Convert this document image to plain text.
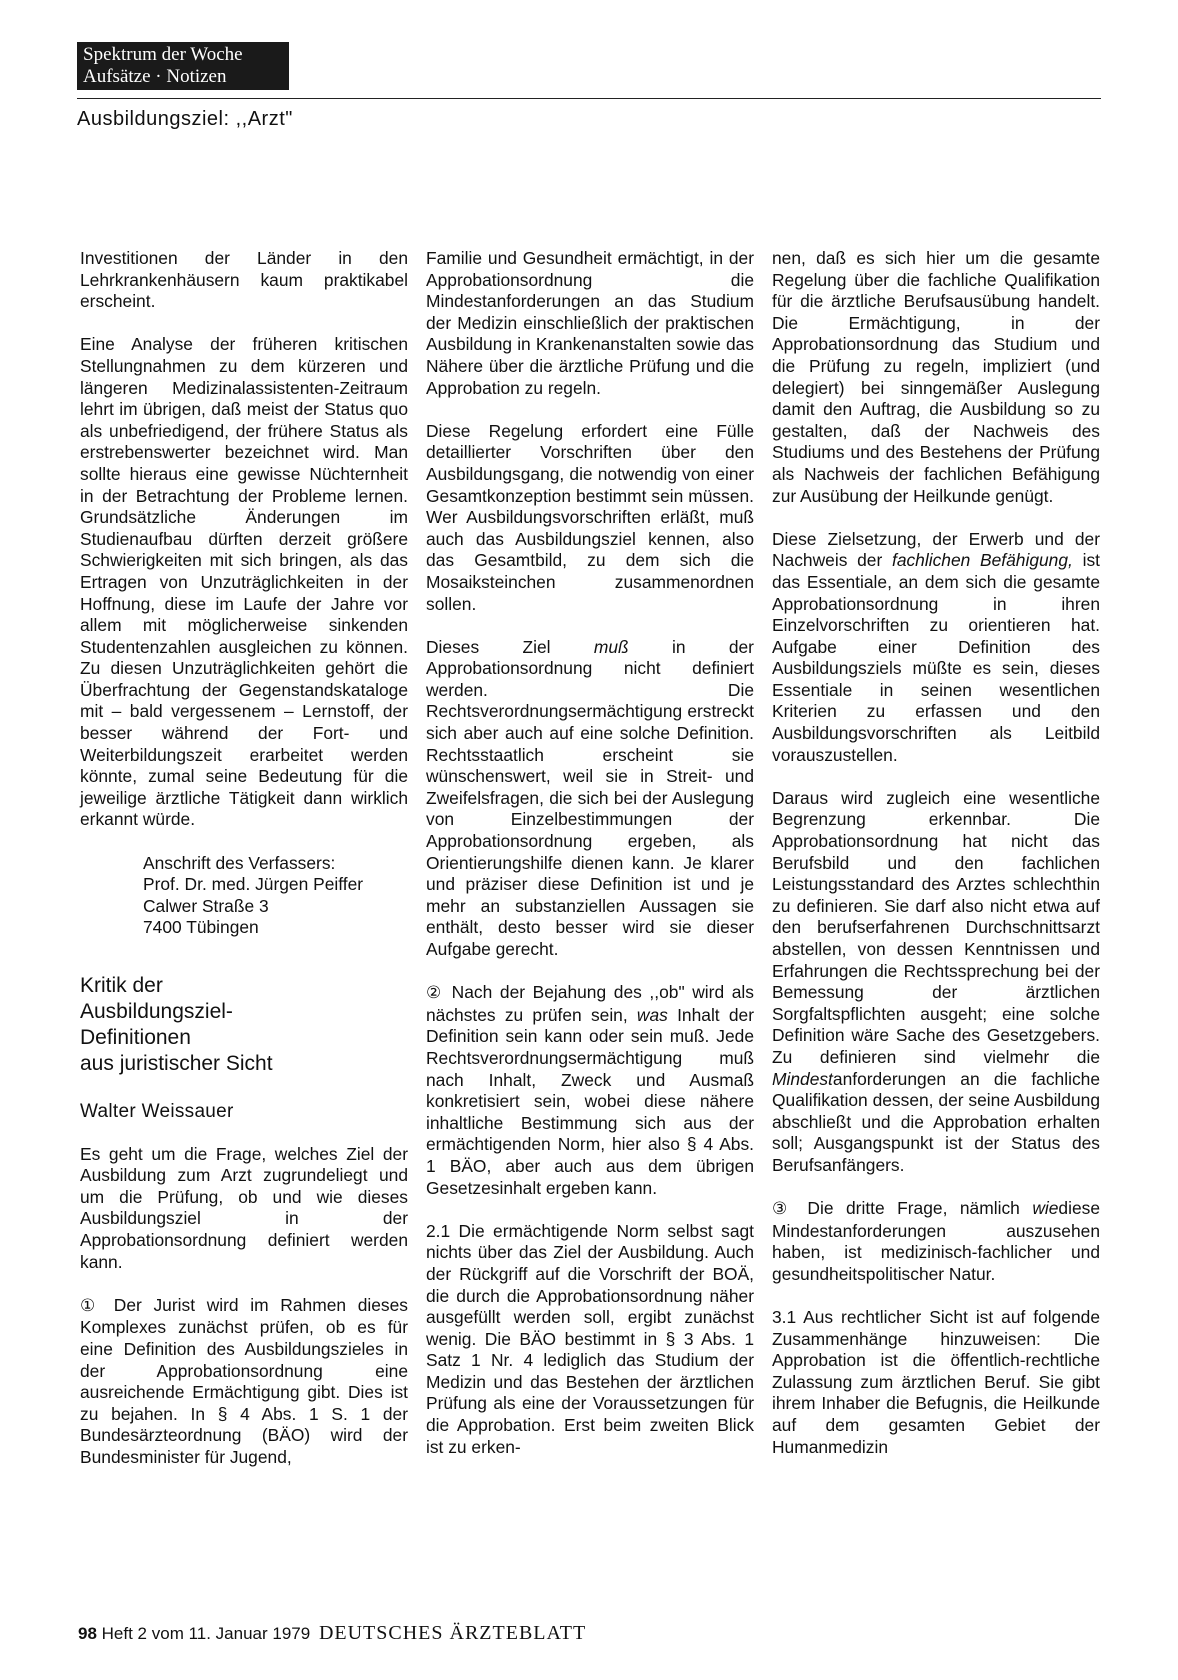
Spektrum der Woche
Aufsätze · Notizen
Ausbildungsziel: ,,Arzt"

Investitionen der Länder in den Lehrkrankenhäusern kaum praktikabel erscheint.

Eine Analyse der früheren kritischen Stellungnahmen zu dem kürzeren und längeren Medizinalassistenten-Zeitraum lehrt im übrigen, daß meist der Status quo als unbefriedigend, der frühere Status als erstrebenswerter bezeichnet wird. Man sollte hieraus eine gewisse Nüchternheit in der Betrachtung der Probleme lernen. Grundsätzliche Änderungen im Studienaufbau dürften derzeit größere Schwierigkeiten mit sich bringen, als das Ertragen von Unzuträglichkeiten in der Hoffnung, diese im Laufe der Jahre vor allem mit möglicherweise sinkenden Studentenzahlen ausgleichen zu können. Zu diesen Unzuträglichkeiten gehört die Überfrachtung der Gegenstandskataloge mit – bald vergessenem – Lernstoff, der besser während der Fort- und Weiterbildungszeit erarbeitet werden könnte, zumal seine Bedeutung für die jeweilige ärztliche Tätigkeit dann wirklich erkannt würde.

Anschrift des Verfassers:
Prof. Dr. med. Jürgen Peiffer
Calwer Straße 3
7400 Tübingen

Kritik der
Ausbildungsziel-
Definitionen
aus juristischer Sicht

Walter Weissauer

Es geht um die Frage, welches Ziel der Ausbildung zum Arzt zugrundeliegt und um die Prüfung, ob und wie dieses Ausbildungsziel in der Approbationsordnung definiert werden kann.

① Der Jurist wird im Rahmen dieses Komplexes zunächst prüfen, ob es für eine Definition des Ausbildungszieles in der Approbationsordnung eine ausreichende Ermächtigung gibt. Dies ist zu bejahen. In § 4 Abs. 1 S. 1 der Bundesärzteordnung (BÄO) wird der Bundesminister für Jugend,

Familie und Gesundheit ermächtigt, in der Approbationsordnung die Mindestanforderungen an das Studium der Medizin einschließlich der praktischen Ausbildung in Krankenanstalten sowie das Nähere über die ärztliche Prüfung und die Approbation zu regeln.

Diese Regelung erfordert eine Fülle detaillierter Vorschriften über den Ausbildungsgang, die notwendig von einer Gesamtkonzeption bestimmt sein müssen. Wer Ausbildungsvorschriften erläßt, muß auch das Ausbildungsziel kennen, also das Gesamtbild, zu dem sich die Mosaiksteinchen zusammenordnen sollen.

Dieses Ziel muß in der Approbationsordnung nicht definiert werden. Die Rechtsverordnungsermächtigung erstreckt sich aber auch auf eine solche Definition. Rechtsstaatlich erscheint sie wünschenswert, weil sie in Streit- und Zweifelsfragen, die sich bei der Auslegung von Einzelbestimmungen der Approbationsordnung ergeben, als Orientierungshilfe dienen kann. Je klarer und präziser diese Definition ist und je mehr an substanziellen Aussagen sie enthält, desto besser wird sie dieser Aufgabe gerecht.

② Nach der Bejahung des ,,ob" wird als nächstes zu prüfen sein, was Inhalt der Definition sein kann oder sein muß. Jede Rechtsverordnungsermächtigung muß nach Inhalt, Zweck und Ausmaß konkretisiert sein, wobei diese nähere inhaltliche Bestimmung sich aus der ermächtigenden Norm, hier also § 4 Abs. 1 BÄO, aber auch aus dem übrigen Gesetzesinhalt ergeben kann.

2.1 Die ermächtigende Norm selbst sagt nichts über das Ziel der Ausbildung. Auch der Rückgriff auf die Vorschrift der BOÄ, die durch die Approbationsordnung näher ausgefüllt werden soll, ergibt zunächst wenig. Die BÄO bestimmt in § 3 Abs. 1 Satz 1 Nr. 4 lediglich das Studium der Medizin und das Bestehen der ärztlichen Prüfung als eine der Voraussetzungen für die Approbation. Erst beim zweiten Blick ist zu erken-

nen, daß es sich hier um die gesamte Regelung über die fachliche Qualifikation für die ärztliche Berufsausübung handelt. Die Ermächtigung, in der Approbationsordnung das Studium und die Prüfung zu regeln, impliziert (und delegiert) bei sinngemäßer Auslegung damit den Auftrag, die Ausbildung so zu gestalten, daß der Nachweis des Studiums und des Bestehens der Prüfung als Nachweis der fachlichen Befähigung zur Ausübung der Heilkunde genügt.

Diese Zielsetzung, der Erwerb und der Nachweis der fachlichen Befähigung, ist das Essentiale, an dem sich die gesamte Approbationsordnung in ihren Einzelvorschriften zu orientieren hat. Aufgabe einer Definition des Ausbildungsziels müßte es sein, dieses Essentiale in seinen wesentlichen Kriterien zu erfassen und den Ausbildungsvorschriften als Leitbild vorauszustellen.

Daraus wird zugleich eine wesentliche Begrenzung erkennbar. Die Approbationsordnung hat nicht das Berufsbild und den fachlichen Leistungsstandard des Arztes schlechthin zu definieren. Sie darf also nicht etwa auf den berufserfahrenen Durchschnittsarzt abstellen, von dessen Kenntnissen und Erfahrungen die Rechtssprechung bei der Bemessung der ärztlichen Sorgfaltspflichten ausgeht; eine solche Definition wäre Sache des Gesetzgebers. Zu definieren sind vielmehr die Mindestanforderungen an die fachliche Qualifikation dessen, der seine Ausbildung abschließt und die Approbation erhalten soll; Ausgangspunkt ist der Status des Berufsanfängers.

③ Die dritte Frage, nämlich wiediese Mindestanforderungen auszusehen haben, ist medizinisch-fachlicher und gesundheitspolitischer Natur.

3.1 Aus rechtlicher Sicht ist auf folgende Zusammenhänge hinzuweisen: Die Approbation ist die öffentlich-rechtliche Zulassung zum ärztlichen Beruf. Sie gibt ihrem Inhaber die Befugnis, die Heilkunde auf dem gesamten Gebiet der Humanmedizin

98 Heft 2 vom 11. Januar 1979 DEUTSCHES ÄRZTEBLATT
